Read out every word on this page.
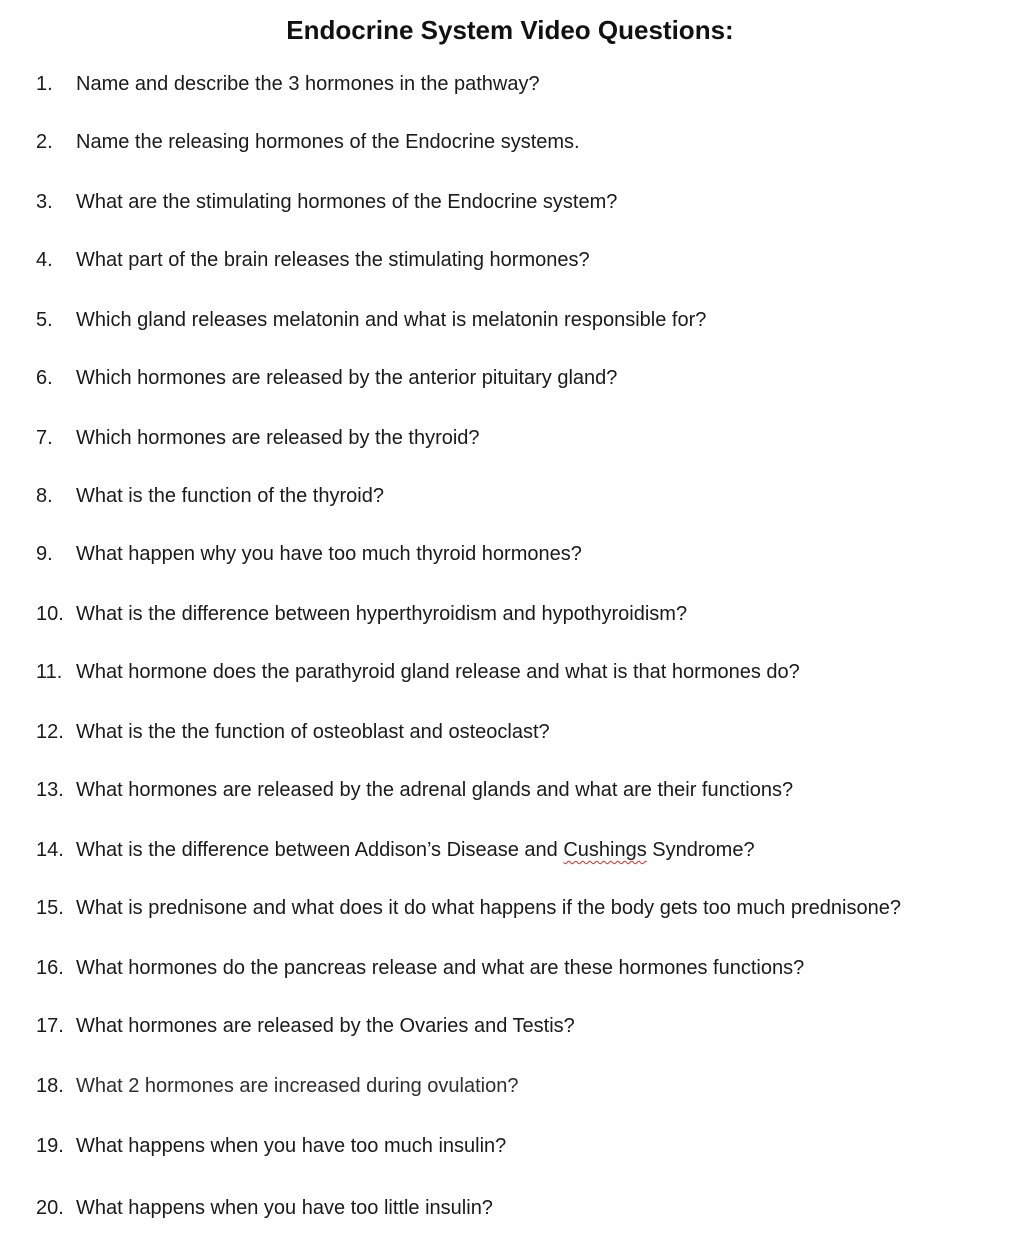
Endocrine System Video Questions:
1. Name and describe the 3 hormones in the pathway?
2. Name the releasing hormones of the Endocrine systems.
3. What are the stimulating hormones of the Endocrine system?
4. What part of the brain releases the stimulating hormones?
5. Which gland releases melatonin and what is melatonin responsible for?
6. Which hormones are released by the anterior pituitary gland?
7. Which hormones are released by the thyroid?
8. What is the function of the thyroid?
9. What happen why you have too much thyroid hormones?
10. What is the difference between hyperthyroidism and hypothyroidism?
11. What hormone does the parathyroid gland release and what is that hormones do?
12. What is the the function of osteoblast and osteoclast?
13. What hormones are released by the adrenal glands and what are their functions?
14. What is the difference between Addison’s Disease and Cushings Syndrome?
15. What is prednisone and what does it do what happens if the body gets too much prednisone?
16. What hormones do the pancreas release and what are these hormones functions?
17. What hormones are released by the Ovaries and Testis?
18. What 2 hormones are increased during ovulation?
19. What happens when you have too much insulin?
20. What happens when you have too little insulin?
